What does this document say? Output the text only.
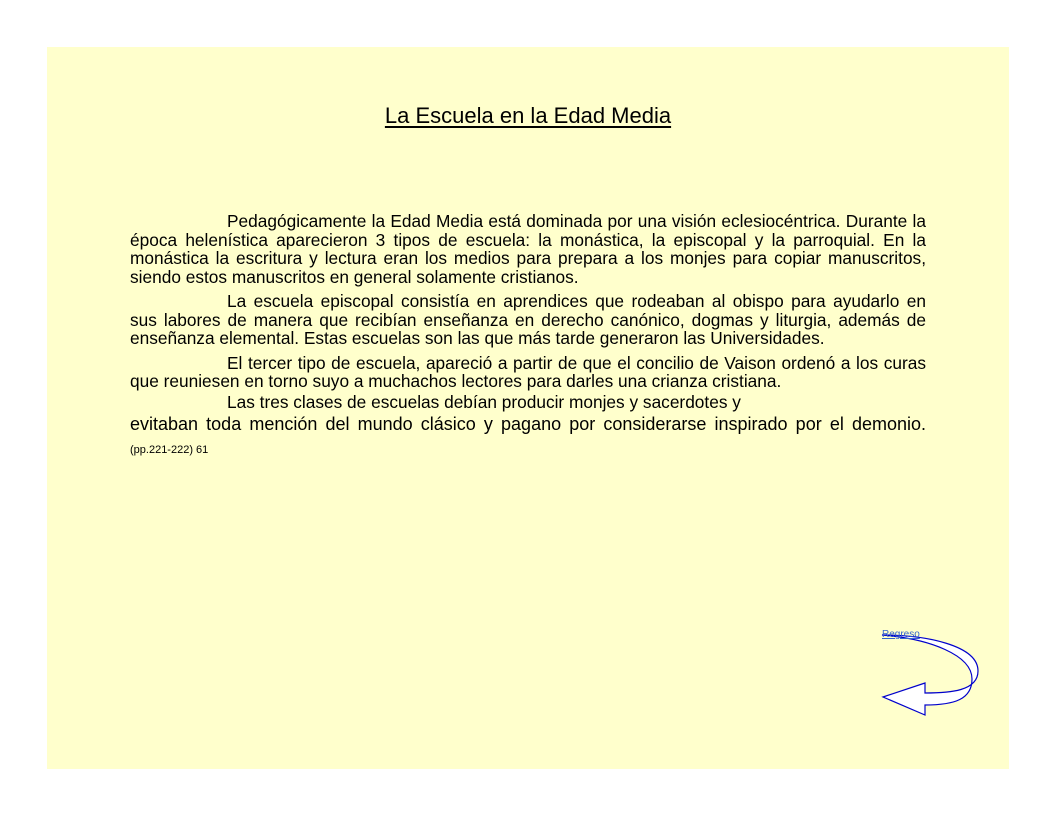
La Escuela en la Edad Media

Pedagógicamente la Edad Media está dominada por una visión eclesiocéntrica. Durante la época helenística aparecieron 3 tipos de escuela: la monástica, la episcopal y la parroquial. En la monástica la escritura y lectura eran los medios para prepara a los monjes para copiar manuscritos, siendo estos manuscritos en general solamente cristianos.

La escuela episcopal consistía en aprendices que rodeaban al obispo para ayudarlo en sus labores de manera que recibían enseñanza en derecho canónico, dogmas y liturgia, además de enseñanza elemental. Estas escuelas son las que más tarde generaron las Universidades.

El tercer tipo de escuela, apareció a partir de que el concilio de Vaison ordenó a los curas que reuniesen en torno suyo a muchachos lectores para darles una crianza cristiana.

Las tres clases de escuelas debían producir monjes y sacerdotes y

evitaban toda mención del mundo clásico y pagano por considerarse inspirado por el demonio. (pp.221-222) 61

Regreso
